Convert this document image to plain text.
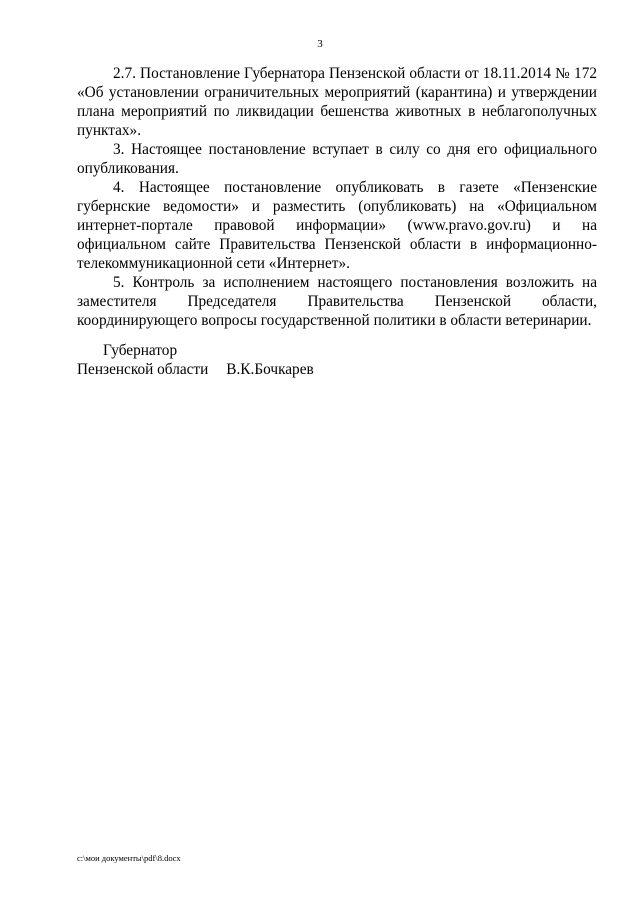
3

2.7. Постановление Губернатора Пензенской области от 18.11.2014 № 172 «Об установлении ограничительных мероприятий (карантина) и утверждении плана мероприятий по ликвидации бешенства животных в неблагополучных пунктах».

3. Настоящее постановление вступает в силу со дня его официального опубликования.

4. Настоящее постановление опубликовать в газете «Пензенские губернские ведомости» и разместить (опубликовать) на «Официальном интернет-портале правовой информации» (www.pravo.gov.ru) и на официальном сайте Правительства Пензенской области в информационно-телекоммуникационной сети «Интернет».

5. Контроль за исполнением настоящего постановления возложить на заместителя Председателя Правительства Пензенской области, координирующего вопросы государственной политики в области ветеринарии.

Губернатор
Пензенской области В.К.Бочкарев
c:\мои документы\pdf\8.docx
